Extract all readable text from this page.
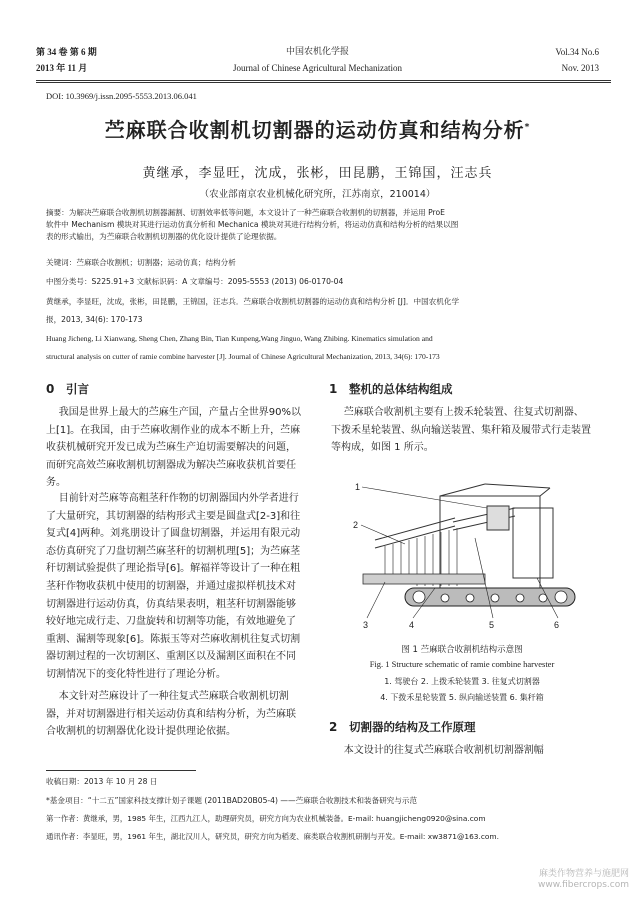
第 34 卷 第 6 期
2013 年 11 月
中国农机化学报
Journal of Chinese Agricultural Mechanization
Vol.34 No.6
Nov. 2013
DOI: 10.3969/j.issn.2095-5553.2013.06.041
苎麻联合收割机切割器的运动仿真和结构分析*
黄继承，李显旺，沈成，张彬，田昆鹏，王锦国，汪志兵
（农业部南京农业机械化研究所，江苏南京，210014）
摘要：为解决苎麻联合收割机切割器漏割、切割效率低等问题，本文设计了一种苎麻联合收割机的切割器，并运用 ProE
软件中 Mechanism 模块对其进行运动仿真分析和 Mechanica 模块对其进行结构分析，将运动仿真和结构分析的结果以图
表的形式输出，为苎麻联合收割机切割器的优化设计提供了论理依据。
关键词：苎麻联合收割机；切割器；运动仿真；结构分析
中图分类号：S225.91+3 文献标识码：A 文章编号：2095-5553 (2013) 06-0170-04
黄继承，李显旺，沈成，张彬，田昆鹏，王锦国，汪志兵．苎麻联合收割机切割器的运动仿真和结构分析 [J]．中国农机化学
报，2013, 34(6): 170-173
Huang Jicheng, Li Xianwang, Sheng Chen, Zhang Bin, Tian Kunpeng,Wang Jinguo, Wang Zhibing. Kinematics simulation and
structural analysis on cutter of ramie combine harvester [J]. Journal of Chinese Agricultural Mechanization, 2013, 34(6): 170-173
0 引言
我国是世界上最大的苎麻生产国，产量占全世界90%以上[1]。在我国，由于苎麻收割作业的成本不断上升，苎麻收获机械研究开发已成为苎麻生产迫切需要解决的问题，而研究高效苎麻收割机切割器成为解决苎麻收获机首要任务。
目前针对苎麻等高粗茎秆作物的切割器国内外学者进行了大量研究，其切割器的结构形式主要是圆盘式[2-3]和往复式[4]两种。刘兆朋设计了圆盘切割器，并运用有限元动态仿真研究了刀盘切割苎麻茎秆的切割机理[5]；为苎麻茎秆切割试验提供了理论指导[6]。解福祥等设计了一种在粗茎秆作物收获机中使用的切割器，并通过虚拟样机技术对切割器进行运动仿真，仿真结果表明，粗茎秆切割器能够较好地完成行走、刀盘旋转和切割等功能，有效地避免了重割、漏割等现象[6]。陈振玉等对苎麻收割机往复式切割器切割过程的一次切割区、重割区以及漏割区面积在不同切割情况下的变化特性进行了理论分析。
本文针对苎麻设计了一种往复式苎麻联合收割机切割器，并对切割器进行相关运动仿真和结构分析，为苎麻联合收割机的切割器优化设计提供理论依据。
1 整机的总体结构组成
苎麻联合收割机主要有上拨禾轮装置、往复式切割器、下拨禾星轮装置、纵向输送装置、集秆箱及履带式行走装置等构成，如图 1 所示。
1
2
3	4	5	6
图 1 苎麻联合收割机结构示意图
Fig. 1 Structure schematic of ramie combine harvester
1. 驾驶台 2. 上拨禾轮装置 3. 往复式切割器
4. 下拨禾星轮装置 5. 纵向输送装置 6. 集秆箱
2 切割器的结构及工作原理
本文设计的往复式苎麻联合收割机切割器割幅
收稿日期：2013 年 10 月 28 日
*基金项目：“十二五”国家科技支撑计划子课题 (2011BAD20B05-4) ——苎麻联合收割技术和装备研究与示范
第一作者：黄继承，男，1985 年生，江西九江人，助理研究员，研究方向为农业机械装备。E-mail: huangjicheng0920@sina.com
通讯作者：李显旺，男，1961 年生，湖北汉川人，研究员，研究方向为稻麦、麻类联合收割机研制与开发。E-mail: xw3871@163.com.
麻类作物营养与施肥网
www.fibercrops.com
